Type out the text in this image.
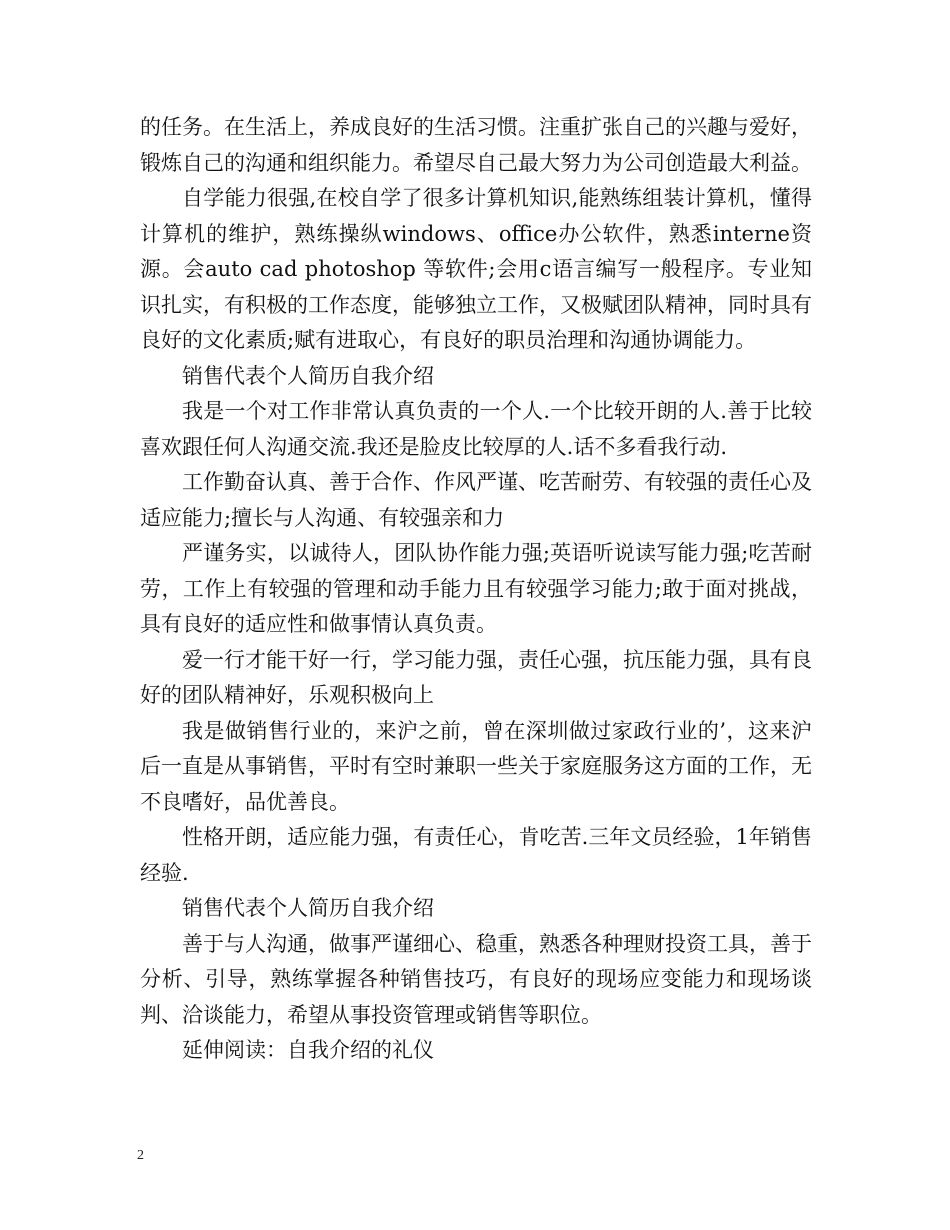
的任务。在生活上，养成良好的生活习惯。注重扩张自己的兴趣与爱好，锻炼自己的沟通和组织能力。希望尽自己最大努力为公司创造最大利益。

自学能力很强,在校自学了很多计算机知识,能熟练组装计算机，懂得计算机的维护，熟练操纵windows、office办公软件，熟悉interne资源。会auto cad photoshop 等软件;会用c语言编写一般程序。专业知识扎实，有积极的工作态度，能够独立工作，又极赋团队精神，同时具有良好的文化素质;赋有进取心，有良好的职员治理和沟通协调能力。

销售代表个人简历自我介绍

我是一个对工作非常认真负责的一个人.一个比较开朗的人.善于比较喜欢跟任何人沟通交流.我还是脸皮比较厚的人.话不多看我行动.

工作勤奋认真、善于合作、作风严谨、吃苦耐劳、有较强的责任心及适应能力;擅长与人沟通、有较强亲和力

严谨务实，以诚待人，团队协作能力强;英语听说读写能力强;吃苦耐劳，工作上有较强的管理和动手能力且有较强学习能力;敢于面对挑战，具有良好的适应性和做事情认真负责。

爱一行才能干好一行，学习能力强，责任心强，抗压能力强，具有良好的团队精神好，乐观积极向上

我是做销售行业的，来沪之前，曾在深圳做过家政行业的’，这来沪后一直是从事销售，平时有空时兼职一些关于家庭服务这方面的工作，无不良嗜好，品优善良。

性格开朗，适应能力强，有责任心，肯吃苦.三年文员经验，1年销售经验.

销售代表个人简历自我介绍

善于与人沟通，做事严谨细心、稳重，熟悉各种理财投资工具，善于分析、引导，熟练掌握各种销售技巧，有良好的现场应变能力和现场谈判、洽谈能力，希望从事投资管理或销售等职位。

延伸阅读：自我介绍的礼仪

2
